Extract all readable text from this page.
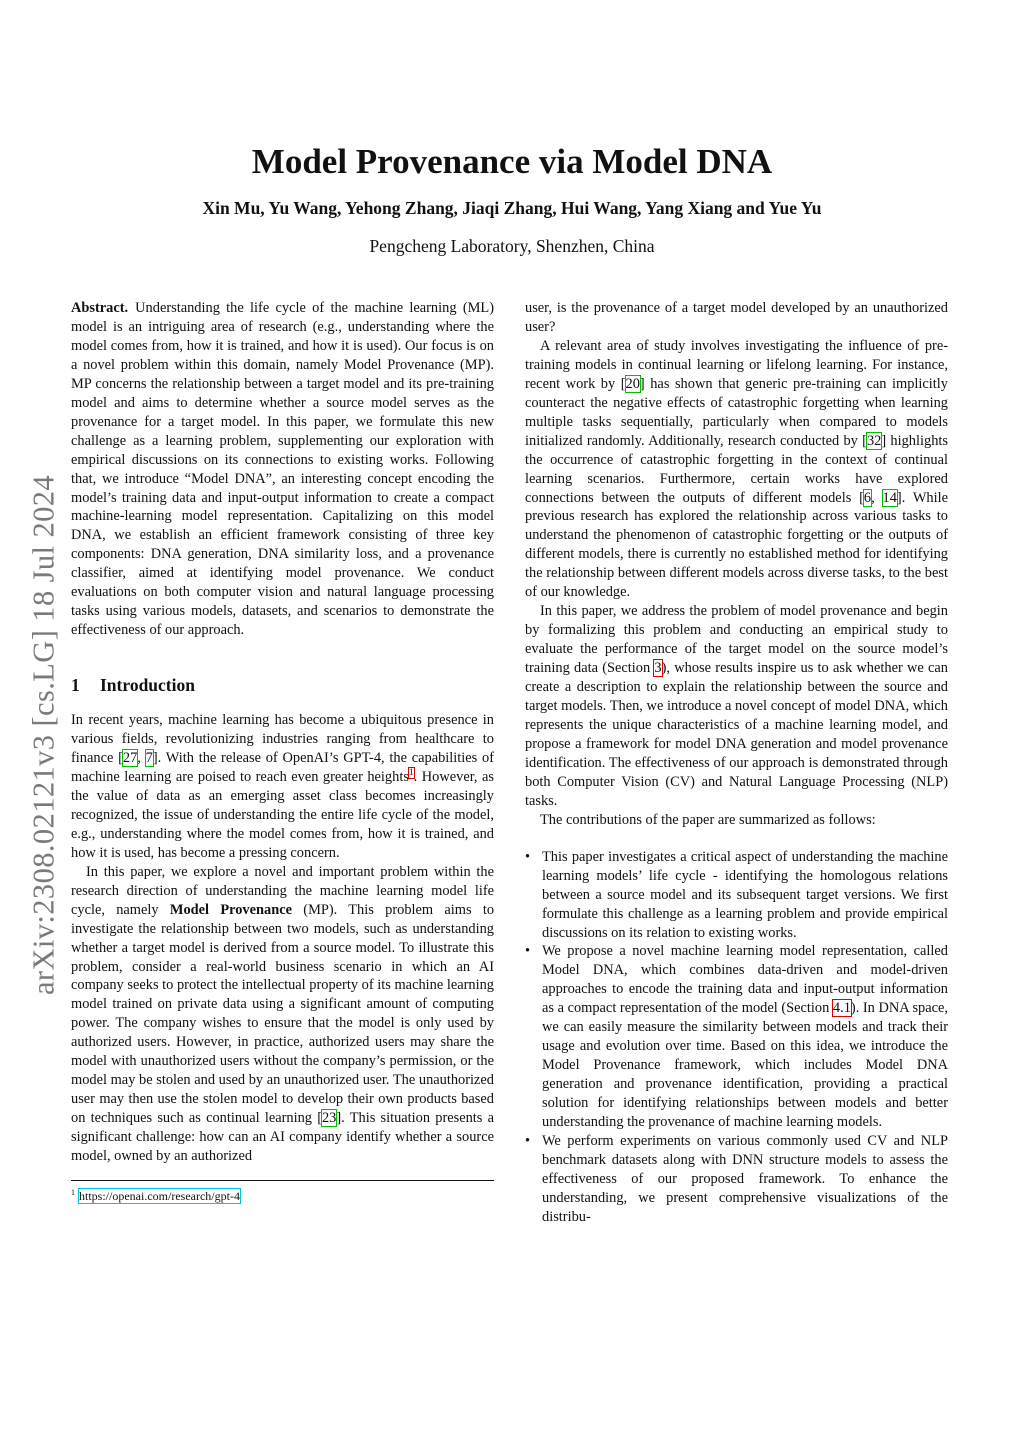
arXiv:2308.02121v3 [cs.LG] 18 Jul 2024
Model Provenance via Model DNA
Xin Mu, Yu Wang, Yehong Zhang, Jiaqi Zhang, Hui Wang, Yang Xiang and Yue Yu
Pengcheng Laboratory, Shenzhen, China

Abstract. Understanding the life cycle of the machine learning (ML) model is an intriguing area of research (e.g., understanding where the model comes from, how it is trained, and how it is used). Our focus is on a novel problem within this domain, namely Model Provenance (MP). MP concerns the relationship between a target model and its pre-training model and aims to determine whether a source model serves as the provenance for a target model. In this paper, we formulate this new challenge as a learning problem, supplementing our exploration with empirical discussions on its connections to existing works. Following that, we introduce “Model DNA”, an interesting concept encoding the model’s training data and input-output information to create a compact machine-learning model representation. Capitalizing on this model DNA, we establish an efficient framework consisting of three key components: DNA generation, DNA similarity loss, and a provenance classifier, aimed at identifying model provenance. We conduct evaluations on both computer vision and natural language processing tasks using various models, datasets, and scenarios to demonstrate the effectiveness of our approach.

1 Introduction

In recent years, machine learning has become a ubiquitous presence in various fields, revolutionizing industries ranging from healthcare to finance [27, 7]. With the release of OpenAI’s GPT-4, the capabilities of machine learning are poised to reach even greater heights$^1$. However, as the value of data as an emerging asset class becomes increasingly recognized, the issue of understanding the entire life cycle of the model, e.g., understanding where the model comes from, how it is trained, and how it is used, has become a pressing concern.

In this paper, we explore a novel and important problem within the research direction of understanding the machine learning model life cycle, namely Model Provenance (MP). This problem aims to investigate the relationship between two models, such as understanding whether a target model is derived from a source model. To illustrate this problem, consider a real-world business scenario in which an AI company seeks to protect the intellectual property of its machine learning model trained on private data using a significant amount of computing power. The company wishes to ensure that the model is only used by authorized users. However, in practice, authorized users may share the model with unauthorized users without the company’s permission, or the model may be stolen and used by an unauthorized user. The unauthorized user may then use the stolen model to develop their own products based on techniques such as continual learning [23]. This situation presents a significant challenge: how can an AI company identify whether a source model, owned by an authorized

$^1$ https://openai.com/research/gpt-4

user, is the provenance of a target model developed by an unauthorized user?

A relevant area of study involves investigating the influence of pre-training models in continual learning or lifelong learning. For instance, recent work by [20] has shown that generic pre-training can implicitly counteract the negative effects of catastrophic forgetting when learning multiple tasks sequentially, particularly when compared to models initialized randomly. Additionally, research conducted by [32] highlights the occurrence of catastrophic forgetting in the context of continual learning scenarios. Furthermore, certain works have explored connections between the outputs of different models [6, 14]. While previous research has explored the relationship across various tasks to understand the phenomenon of catastrophic forgetting or the outputs of different models, there is currently no established method for identifying the relationship between different models across diverse tasks, to the best of our knowledge.

In this paper, we address the problem of model provenance and begin by formalizing this problem and conducting an empirical study to evaluate the performance of the target model on the source model’s training data (Section 3), whose results inspire us to ask whether we can create a description to explain the relationship between the source and target models. Then, we introduce a novel concept of model DNA, which represents the unique characteristics of a machine learning model, and propose a framework for model DNA generation and model provenance identification. The effectiveness of our approach is demonstrated through both Computer Vision (CV) and Natural Language Processing (NLP) tasks.

The contributions of the paper are summarized as follows:

• This paper investigates a critical aspect of understanding the machine learning models’ life cycle - identifying the homologous relations between a source model and its subsequent target versions. We first formulate this challenge as a learning problem and provide empirical discussions on its relation to existing works.
• We propose a novel machine learning model representation, called Model DNA, which combines data-driven and model-driven approaches to encode the training data and input-output information as a compact representation of the model (Section 4.1). In DNA space, we can easily measure the similarity between models and track their usage and evolution over time. Based on this idea, we introduce the Model Provenance framework, which includes Model DNA generation and provenance identification, providing a practical solution for identifying relationships between models and better understanding the provenance of machine learning models.
• We perform experiments on various commonly used CV and NLP benchmark datasets along with DNN structure models to assess the effectiveness of our proposed framework. To enhance the understanding, we present comprehensive visualizations of the distribu-
